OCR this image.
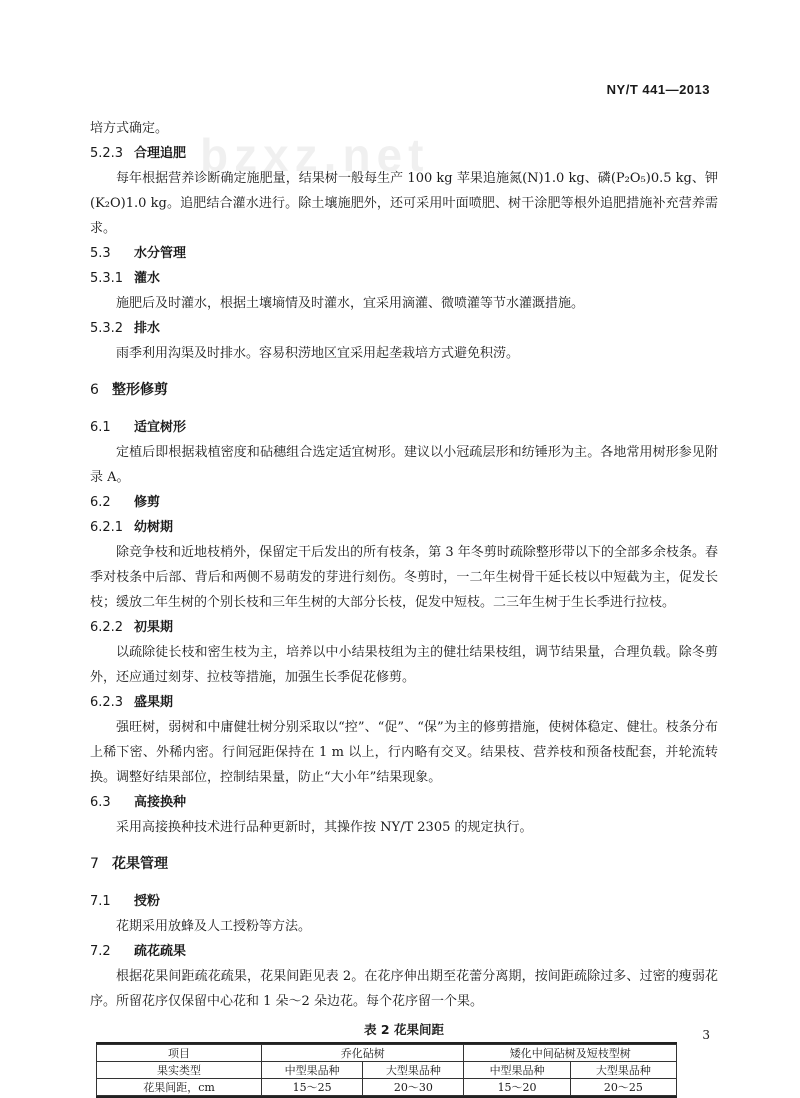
NY/T 441—2013
bzxz.net

培方式确定。

5.2.3 合理追肥

每年根据营养诊断确定施肥量，结果树一般每生产 100 kg 苹果追施氮(N)1.0 kg、磷(P₂O₅)0.5 kg、钾(K₂O)1.0 kg。追肥结合灌水进行。除土壤施肥外，还可采用叶面喷肥、树干涂肥等根外追肥措施补充营养需求。

5.3 水分管理

5.3.1 灌水

施肥后及时灌水，根据土壤墒情及时灌水，宜采用滴灌、微喷灌等节水灌溉措施。

5.3.2 排水

雨季利用沟渠及时排水。容易积涝地区宜采用起垄栽培方式避免积涝。

6 整形修剪

6.1 适宜树形

定植后即根据栽植密度和砧穗组合选定适宜树形。建议以小冠疏层形和纺锤形为主。各地常用树形参见附录 A。

6.2 修剪

6.2.1 幼树期

除竞争枝和近地枝梢外，保留定干后发出的所有枝条，第 3 年冬剪时疏除整形带以下的全部多余枝条。春季对枝条中后部、背后和两侧不易萌发的芽进行刻伤。冬剪时，一二年生树骨干延长枝以中短截为主，促发长枝；缓放二年生树的个别长枝和三年生树的大部分长枝，促发中短枝。二三年生树于生长季进行拉枝。

6.2.2 初果期

以疏除徒长枝和密生枝为主，培养以中小结果枝组为主的健壮结果枝组，调节结果量，合理负载。除冬剪外，还应通过刻芽、拉枝等措施，加强生长季促花修剪。

6.2.3 盛果期

强旺树，弱树和中庸健壮树分别采取以“控”、“促”、“保”为主的修剪措施，使树体稳定、健壮。枝条分布上稀下密、外稀内密。行间冠距保持在 1 m 以上，行内略有交叉。结果枝、营养枝和预备枝配套，并轮流转换。调整好结果部位，控制结果量，防止“大小年”结果现象。

6.3 高接换种

采用高接换种技术进行品种更新时，其操作按 NY/T 2305 的规定执行。

7 花果管理

7.1 授粉

花期采用放蜂及人工授粉等方法。

7.2 疏花疏果

根据花果间距疏花疏果，花果间距见表 2。在花序伸出期至花蕾分离期，按间距疏除过多、过密的瘦弱花序。所留花序仅保留中心花和 1 朵～2 朵边花。每个花序留一个果。

表 2 花果间距
项目	乔化砧树		矮化中间砧树及短枝型树	
果实类型	中型果品种	大型果品种	中型果品种	大型果品种
花果间距，cm	15～25	20～30	15～20	20～25
3
